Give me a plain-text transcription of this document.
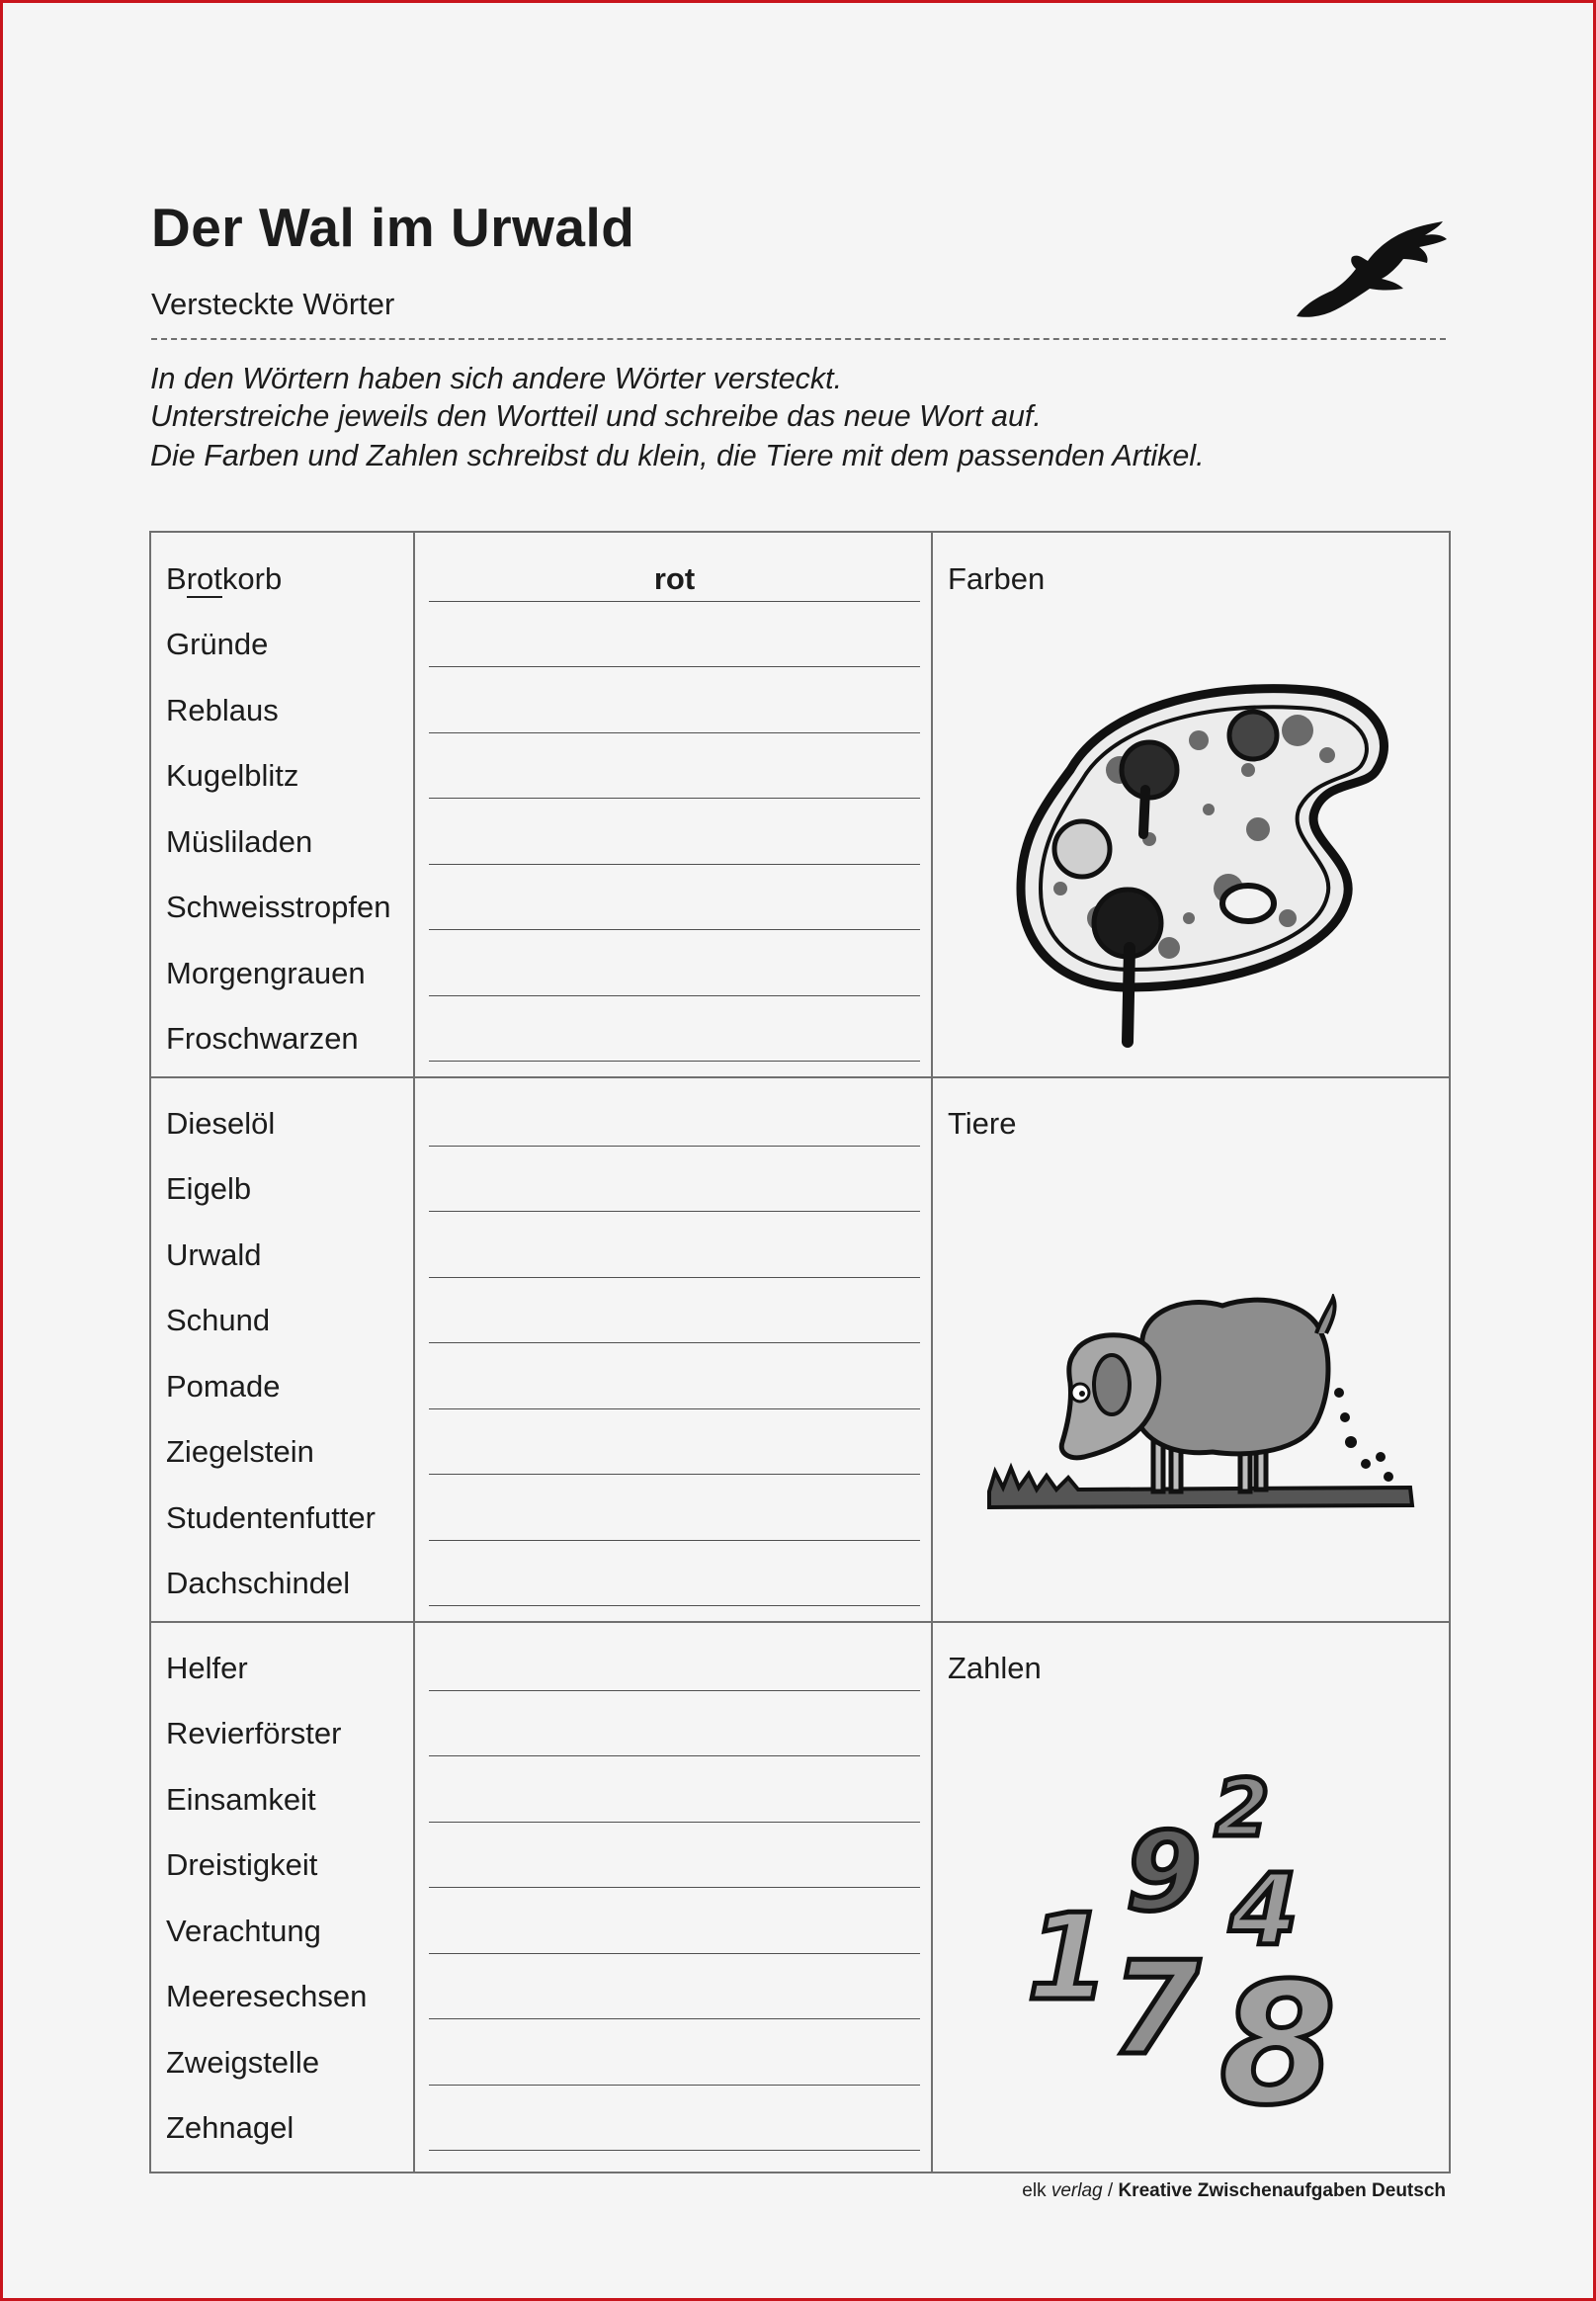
Der Wal im Urwald
Versteckte Wörter
In den Wörtern haben sich andere Wörter versteckt.
Unterstreiche jeweils den Wortteil und schreibe das neue Wort auf.
Die Farben und Zahlen schreibst du klein, die Tiere mit dem passenden Artikel.
Brotkorb
Gründe
Reblaus
Kugelblitz
Müsliladen
Schweisstropfen
Morgengrauen
Froschwarzen
rot	Farben
Dieselöl
Eigelb
Urwald
Schund
Pomade
Ziegelstein
Studentenfutter
Dachschindel
Tiere
Helfer
Revierförster
Einsamkeit
Dreistigkeit
Verachtung
Meeresechsen
Zweigstelle
Zehnagel
Zahlen
2
9 4
1 7 8
elk verlag / Kreative Zwischenaufgaben Deutsch
